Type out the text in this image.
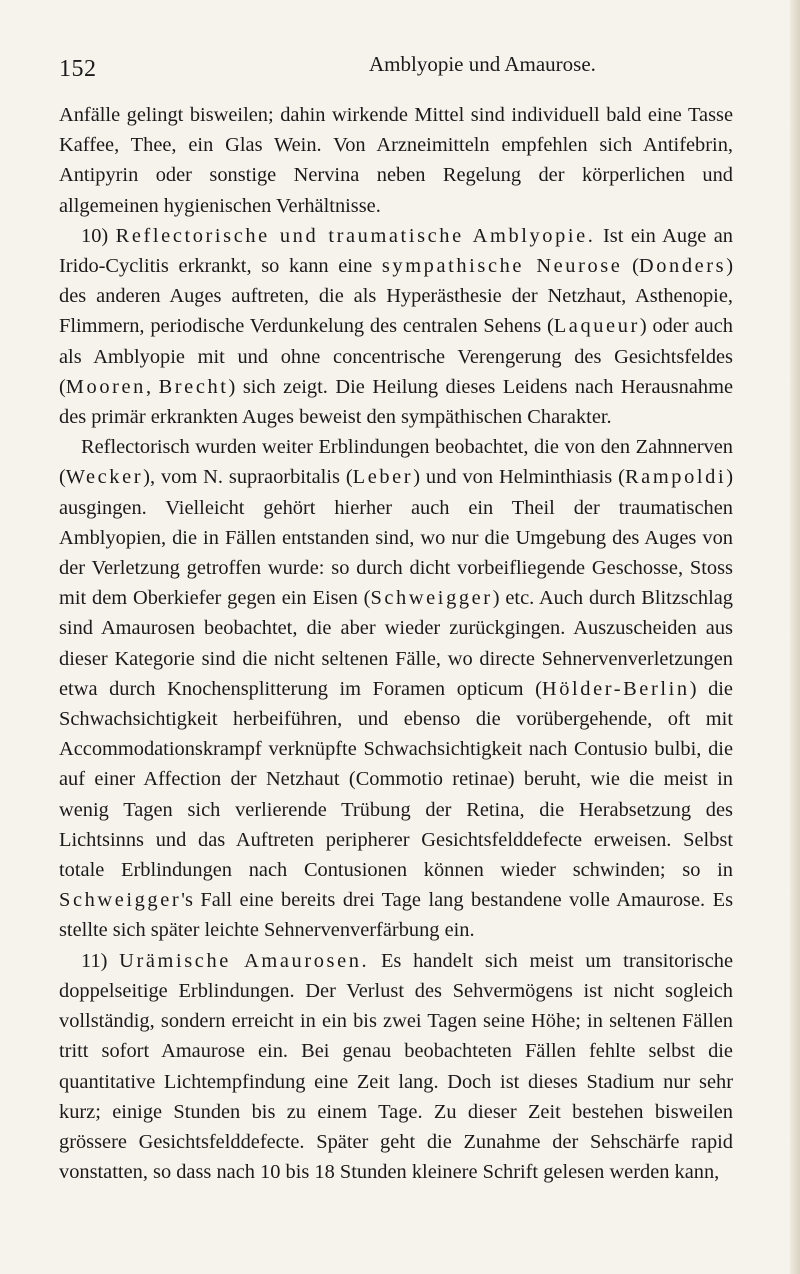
152	Amblyopie und Amaurose.

Anfälle gelingt bisweilen; dahin wirkende Mittel sind individuell bald eine Tasse Kaffee, Thee, ein Glas Wein. Von Arzneimitteln empfehlen sich Antifebrin, Antipyrin oder sonstige Nervina neben Regelung der körperlichen und allgemeinen hygienischen Verhältnisse.

10) Reflectorische und traumatische Amblyopie. Ist ein Auge an Irido-Cyclitis erkrankt, so kann eine sympathische Neurose (Donders) des anderen Auges auftreten, die als Hyperästhesie der Netzhaut, Asthenopie, Flimmern, periodische Verdunkelung des centralen Sehens (Laqueur) oder auch als Amblyopie mit und ohne concentrische Verengerung des Gesichtsfeldes (Mooren, Brecht) sich zeigt. Die Heilung dieses Leidens nach Herausnahme des primär erkrankten Auges beweist den sympäthischen Charakter.

Reflectorisch wurden weiter Erblindungen beobachtet, die von den Zahnnerven (Wecker), vom N. supraorbitalis (Leber) und von Helminthiasis (Rampoldi) ausgingen. Vielleicht gehört hierher auch ein Theil der traumatischen Amblyopien, die in Fällen entstanden sind, wo nur die Umgebung des Auges von der Verletzung getroffen wurde: so durch dicht vorbeifliegende Geschosse, Stoss mit dem Oberkiefer gegen ein Eisen (Schweigger) etc. Auch durch Blitzschlag sind Amaurosen beobachtet, die aber wieder zurückgingen. Auszuscheiden aus dieser Kategorie sind die nicht seltenen Fälle, wo directe Sehnervenverletzungen etwa durch Knochensplitterung im Foramen opticum (Hölder-Berlin) die Schwachsichtigkeit herbeiführen, und ebenso die vorübergehende, oft mit Accommodationskrampf verknüpfte Schwachsichtigkeit nach Contusio bulbi, die auf einer Affection der Netzhaut (Commotio retinae) beruht, wie die meist in wenig Tagen sich verlierende Trübung der Retina, die Herabsetzung des Lichtsinns und das Auftreten peripherer Gesichtsfelddefecte erweisen. Selbst totale Erblindungen nach Contusionen können wieder schwinden; so in Schweigger's Fall eine bereits drei Tage lang bestandene volle Amaurose. Es stellte sich später leichte Sehnervenverfärbung ein.

11) Urämische Amaurosen. Es handelt sich meist um transitorische doppelseitige Erblindungen. Der Verlust des Sehvermögens ist nicht sogleich vollständig, sondern erreicht in ein bis zwei Tagen seine Höhe; in seltenen Fällen tritt sofort Amaurose ein. Bei genau beobachteten Fällen fehlte selbst die quantitative Lichtempfindung eine Zeit lang. Doch ist dieses Stadium nur sehr kurz; einige Stunden bis zu einem Tage. Zu dieser Zeit bestehen bisweilen grössere Gesichtsfelddefecte. Später geht die Zunahme der Sehschärfe rapid vonstatten, so dass nach 10 bis 18 Stunden kleinere Schrift gelesen werden kann,
